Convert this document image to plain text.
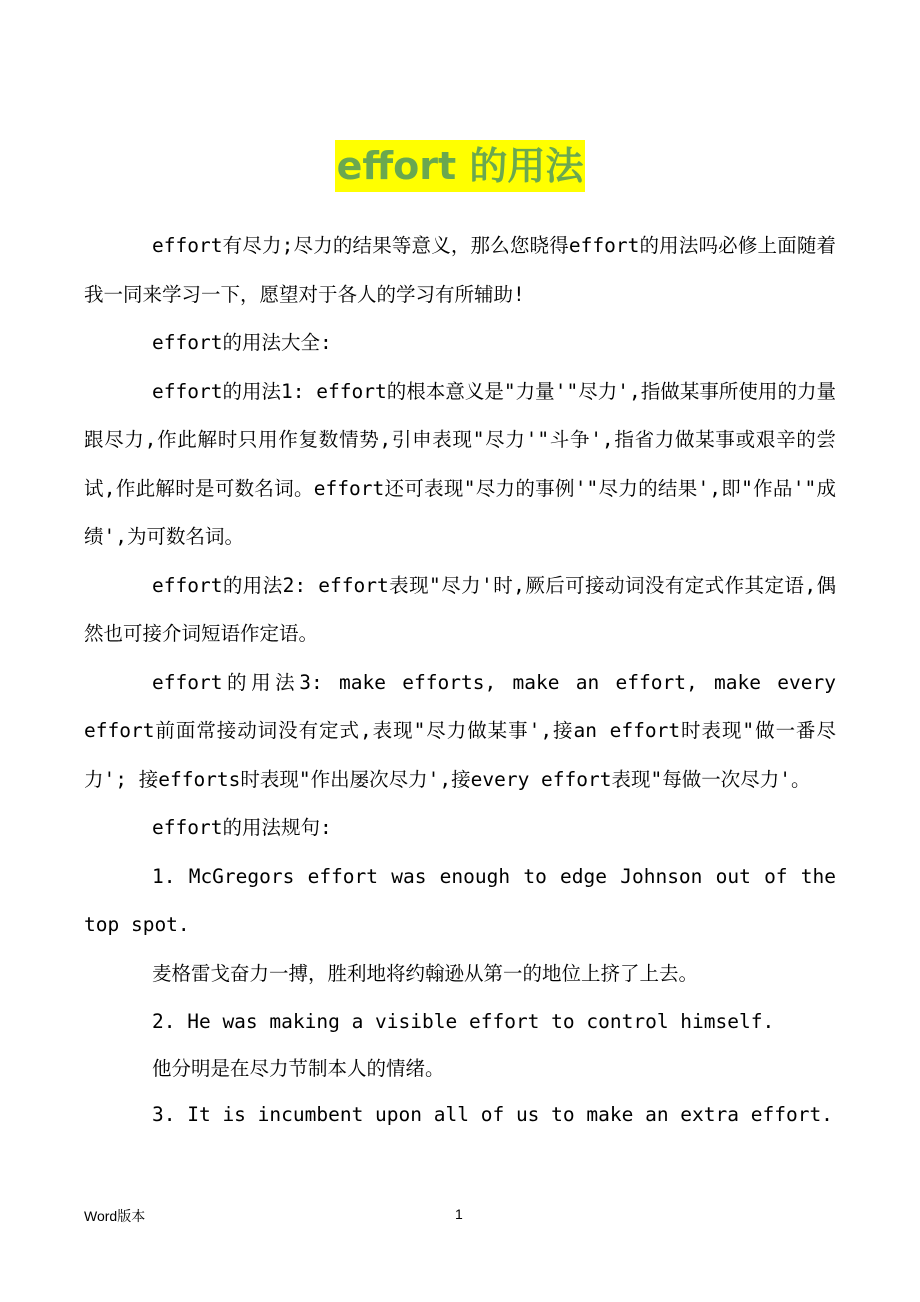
effort 的用法

effort有尽力;尽力的结果等意义，那么您晓得effort的用法吗必修上面随着我一同来学习一下，愿望对于各人的学习有所辅助!

effort的用法大全:

effort的用法1: effort的根本意义是"力量'"尽力',指做某事所使用的力量跟尽力,作此解时只用作复数情势,引申表现"尽力'"斗争',指省力做某事或艰辛的尝试,作此解时是可数名词。effort还可表现"尽力的事例'"尽力的结果',即"作品'"成绩',为可数名词。

effort的用法2: effort表现"尽力'时,厥后可接动词没有定式作其定语,偶然也可接介词短语作定语。

effort的用法3: make efforts, make an effort, make every effort前面常接动词没有定式,表现"尽力做某事',接an effort时表现"做一番尽力'; 接efforts时表现"作出屡次尽力',接every effort表现"每做一次尽力'。

effort的用法规句:

1. McGregors effort was enough to edge Johnson out of the top spot.

麦格雷戈奋力一搏，胜利地将约翰逊从第一的地位上挤了上去。

2. He was making a visible effort to control himself.

他分明是在尽力节制本人的情绪。

3. It is incumbent upon all of us to make an extra effort.

Word版本	1
